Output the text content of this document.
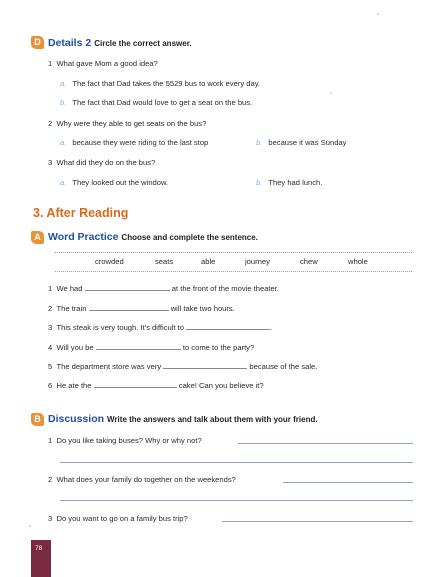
D Details 2 Circle the correct answer.
1 What gave Mom a good idea?
a. The fact that Dad takes the 5529 bus to work every day.
b. The fact that Dad would love to get a seat on the bus.
2 Why were they able to get seats on the bus?
a. because they were riding to the last stop	b. because it was Sunday
3 What did they do on the bus?
a. They looked out the window.	b. They had lunch.
3. After Reading
A Word Practice Choose and complete the sentence.
crowded	seats	able	journey	chew	whole
1 We had	at the front of the movie theater.
2 The train	will take two hours.
3 This steak is very tough. It's difficult to	.
4 Will you be	to come to the party?
5 The department store was very	because of the sale.
6 He ate the	cake! Can you believe it?
B Discussion Write the answers and talk about them with your friend.
1 Do you like taking buses? Why or why not?
2 What does your family do together on the weekends?
3 Do you want to go on a family bus trip?
78
